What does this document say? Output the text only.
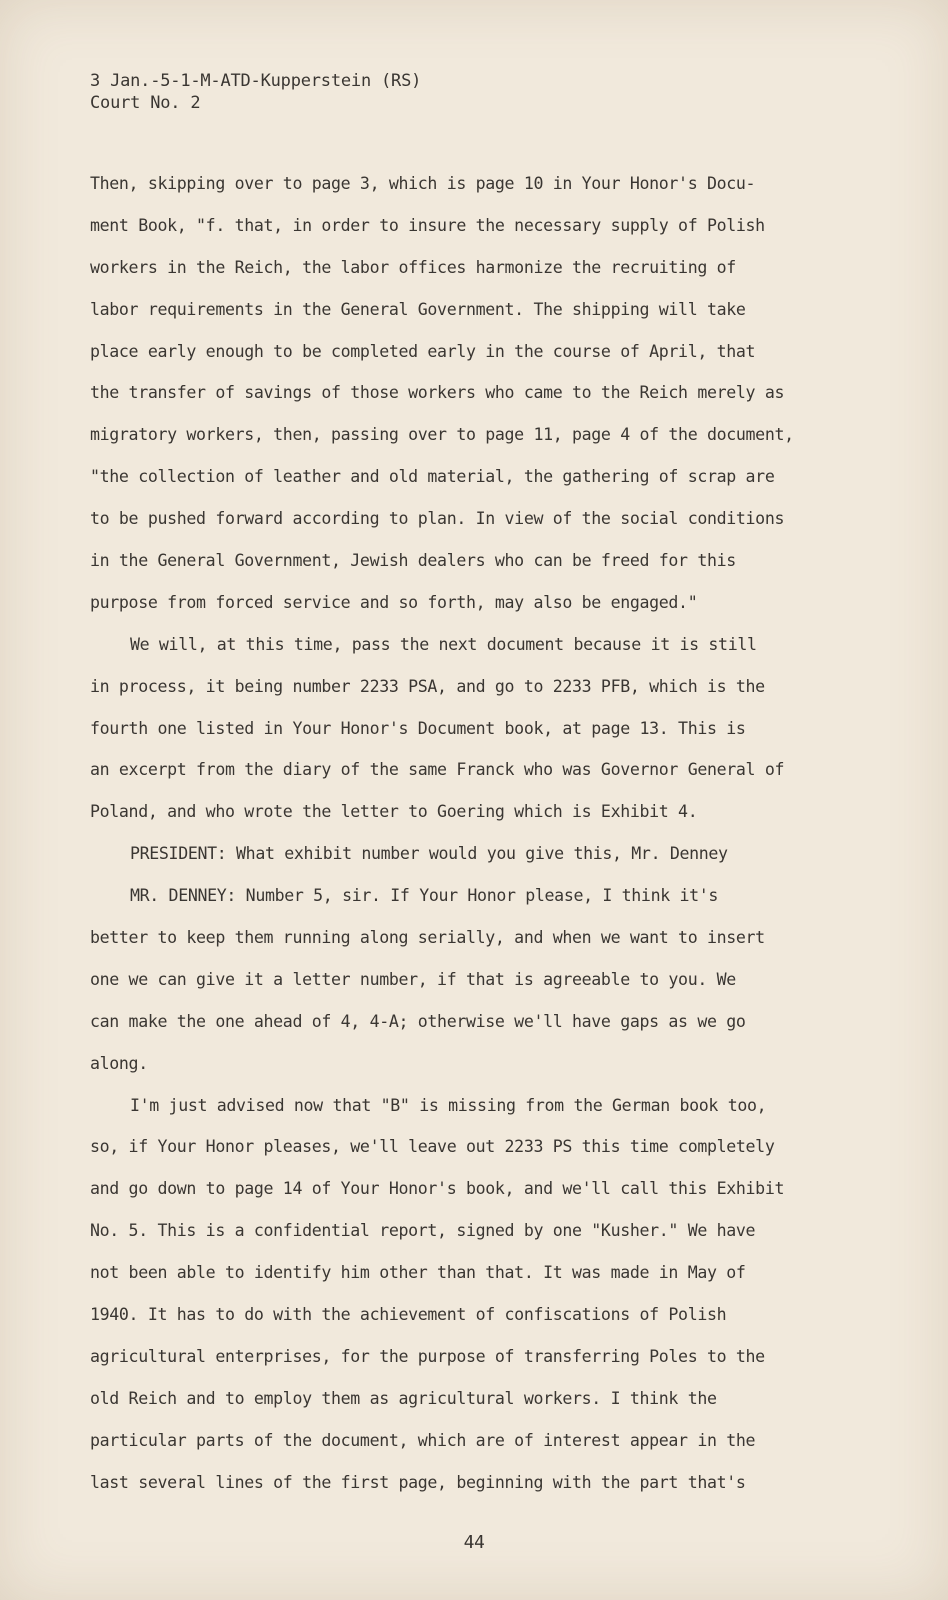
3 Jan.-5-1-M-ATD-Kupperstein (RS)
Court No. 2
Then, skipping over to page 3, which is page 10 in Your Honor's Docu-
ment Book, "f. that, in order to insure the necessary supply of Polish
workers in the Reich, the labor offices harmonize the recruiting of
labor requirements in the General Government. The shipping will take
place early enough to be completed early in the course of April, that
the transfer of savings of those workers who came to the Reich merely as
migratory workers, then, passing over to page 11, page 4 of the document,
"the collection of leather and old material, the gathering of scrap are
to be pushed forward according to plan. In view of the social conditions
in the General Government, Jewish dealers who can be freed for this
purpose from forced service and so forth, may also be engaged."
We will, at this time, pass the next document because it is still
in process, it being number 2233 PSA, and go to 2233 PFB, which is the
fourth one listed in Your Honor's Document book, at page 13. This is
an excerpt from the diary of the same Franck who was Governor General of
Poland, and who wrote the letter to Goering which is Exhibit 4.
PRESIDENT: What exhibit number would you give this, Mr. Denney
MR. DENNEY: Number 5, sir. If Your Honor please, I think it's
better to keep them running along serially, and when we want to insert
one we can give it a letter number, if that is agreeable to you. We
can make the one ahead of 4, 4-A; otherwise we'll have gaps as we go
along.
I'm just advised now that "B" is missing from the German book too,
so, if Your Honor pleases, we'll leave out 2233 PS this time completely
and go down to page 14 of Your Honor's book, and we'll call this Exhibit
No. 5. This is a confidential report, signed by one "Kusher." We have
not been able to identify him other than that. It was made in May of
1940. It has to do with the achievement of confiscations of Polish
agricultural enterprises, for the purpose of transferring Poles to the
old Reich and to employ them as agricultural workers. I think the
particular parts of the document, which are of interest appear in the
last several lines of the first page, beginning with the part that's
44
